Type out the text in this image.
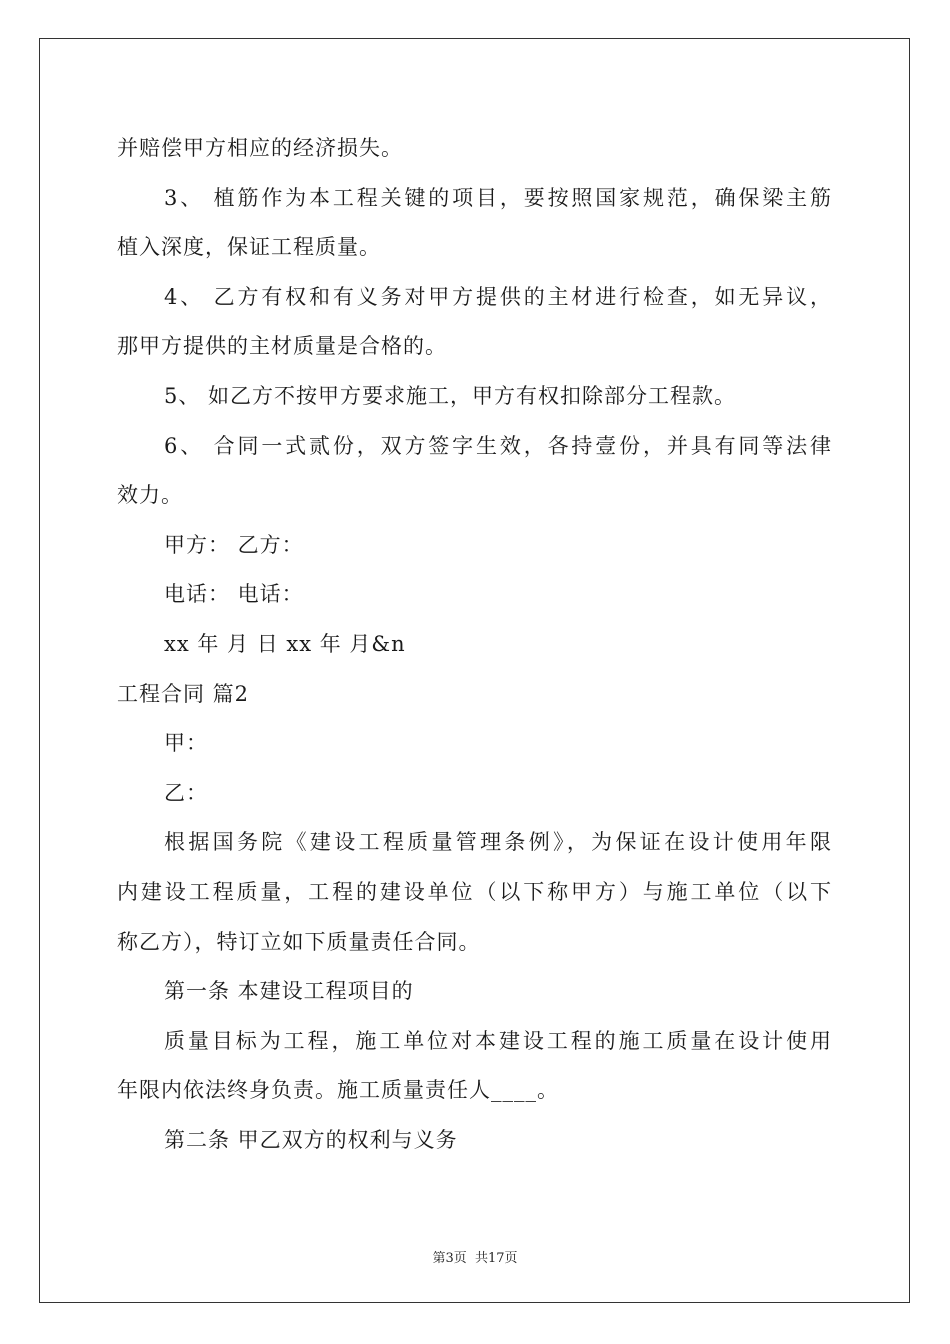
并赔偿甲方相应的经济损失。
3、 植筋作为本工程关键的项目，要按照国家规范，确保梁主筋
植入深度，保证工程质量。
4、 乙方有权和有义务对甲方提供的主材进行检查，如无异议，
那甲方提供的主材质量是合格的。
5、 如乙方不按甲方要求施工，甲方有权扣除部分工程款。
6、 合同一式贰份，双方签字生效，各持壹份，并具有同等法律
效力。
甲方： 乙方：
电话： 电话：
xx 年 月 日 xx 年 月&n
工程合同 篇2
甲：
乙：
根据国务院《建设工程质量管理条例》，为保证在设计使用年限
内建设工程质量，工程的建设单位（以下称甲方）与施工单位（以下
称乙方），特订立如下质量责任合同。
第一条 本建设工程项目的
质量目标为工程，施工单位对本建设工程的施工质量在设计使用
年限内依法终身负责。施工质量责任人____。
第二条 甲乙双方的权利与义务
第3页 共17页
